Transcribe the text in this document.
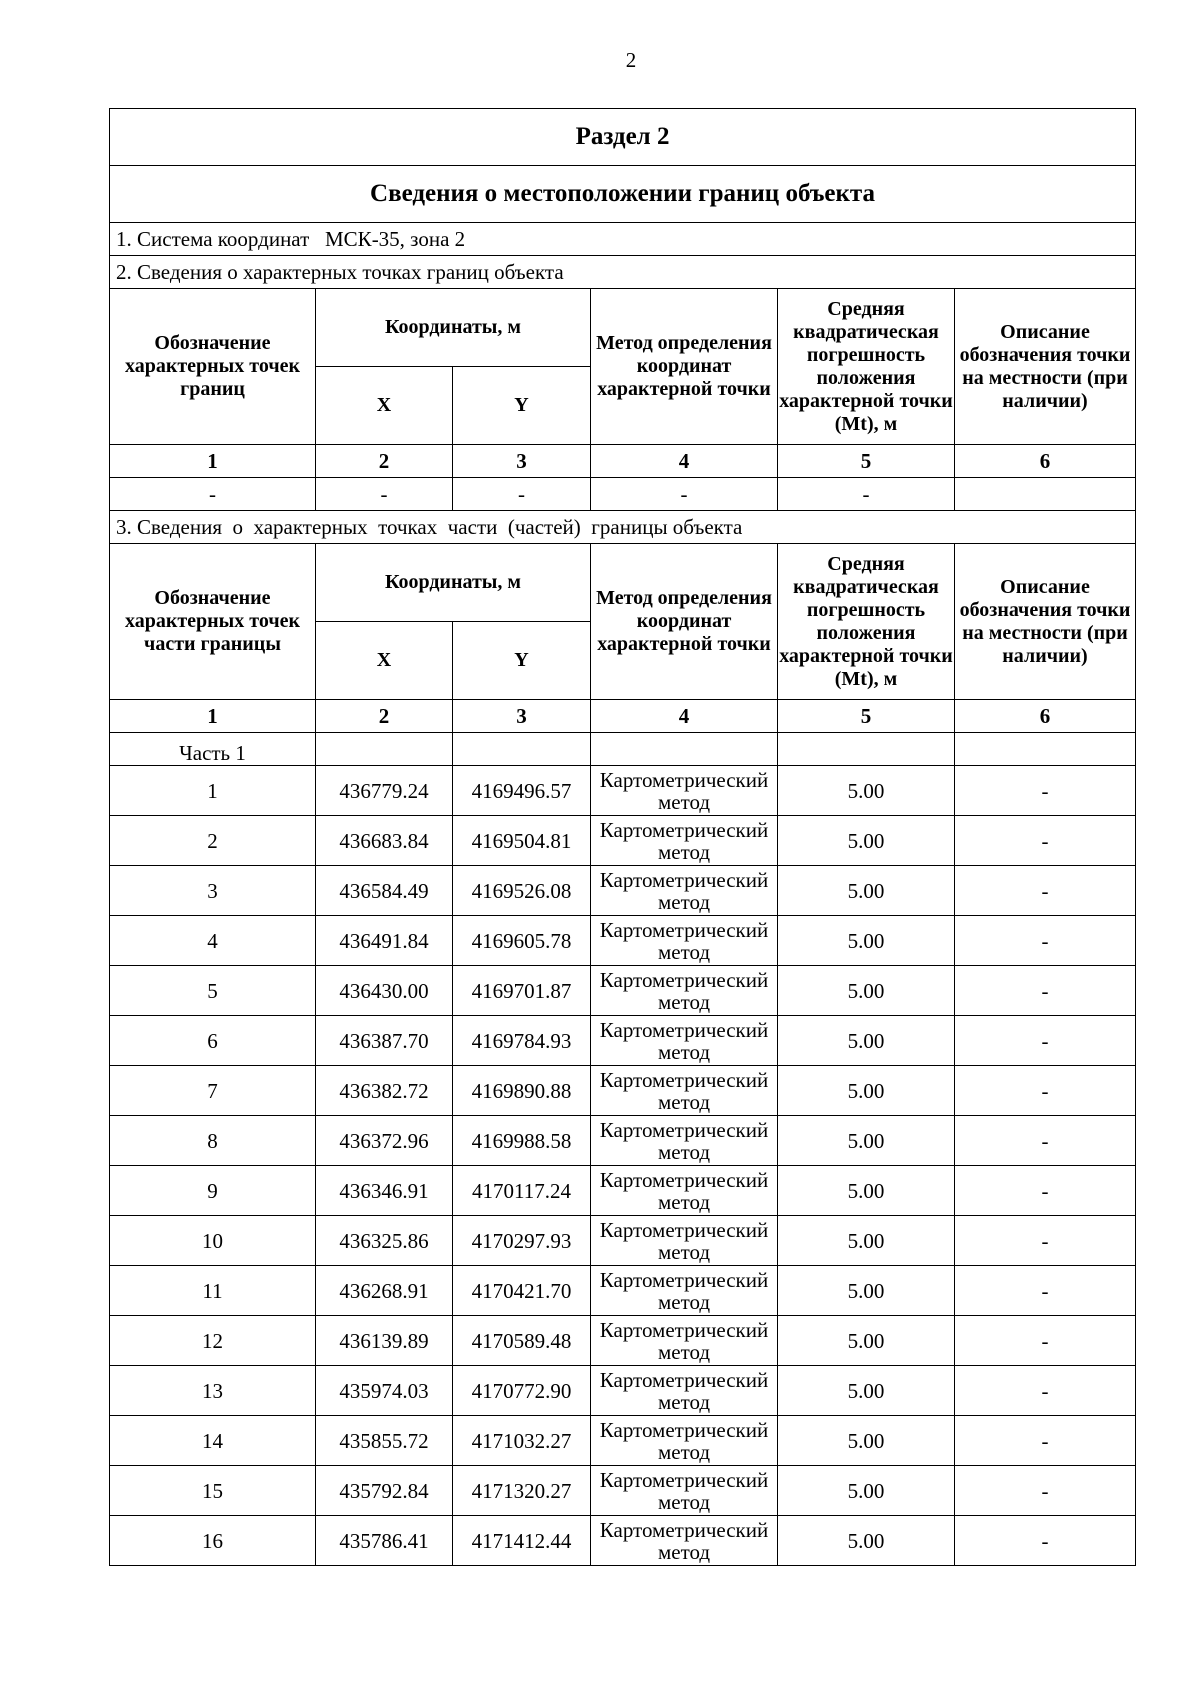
2
Раздел 2					
Сведения о местоположении границ объекта					
1. Система координат   МСК-35, зона 2					
2. Сведения о характерных точках границ объекта					
Обозначение характерных точек границ	Координаты, м		Метод определения координат характерной точки	Средняя квадратическая погрешность положения характерной точки (Mt), м	Описание обозначения точки на местности (при наличии)
	X	Y			
1	2	3	4	5	6
-	-	-	-	-	
3. Сведения  о  характерных  точках  части  (частей)  границы объекта					
Обозначение характерных точек части границы	Координаты, м		Метод определения координат характерной точки	Средняя квадратическая погрешность положения характерной точки (Mt), м	Описание обозначения точки на местности (при наличии)
	X	Y			
1	2	3	4	5	6
Часть 1					
1	436779.24	4169496.57	Картометрический метод	5.00	-
2	436683.84	4169504.81	Картометрический метод	5.00	-
3	436584.49	4169526.08	Картометрический метод	5.00	-
4	436491.84	4169605.78	Картометрический метод	5.00	-
5	436430.00	4169701.87	Картометрический метод	5.00	-
6	436387.70	4169784.93	Картометрический метод	5.00	-
7	436382.72	4169890.88	Картометрический метод	5.00	-
8	436372.96	4169988.58	Картометрический метод	5.00	-
9	436346.91	4170117.24	Картометрический метод	5.00	-
10	436325.86	4170297.93	Картометрический метод	5.00	-
11	436268.91	4170421.70	Картометрический метод	5.00	-
12	436139.89	4170589.48	Картометрический метод	5.00	-
13	435974.03	4170772.90	Картометрический метод	5.00	-
14	435855.72	4171032.27	Картометрический метод	5.00	-
15	435792.84	4171320.27	Картометрический метод	5.00	-
16	435786.41	4171412.44	Картометрический метод	5.00	-
